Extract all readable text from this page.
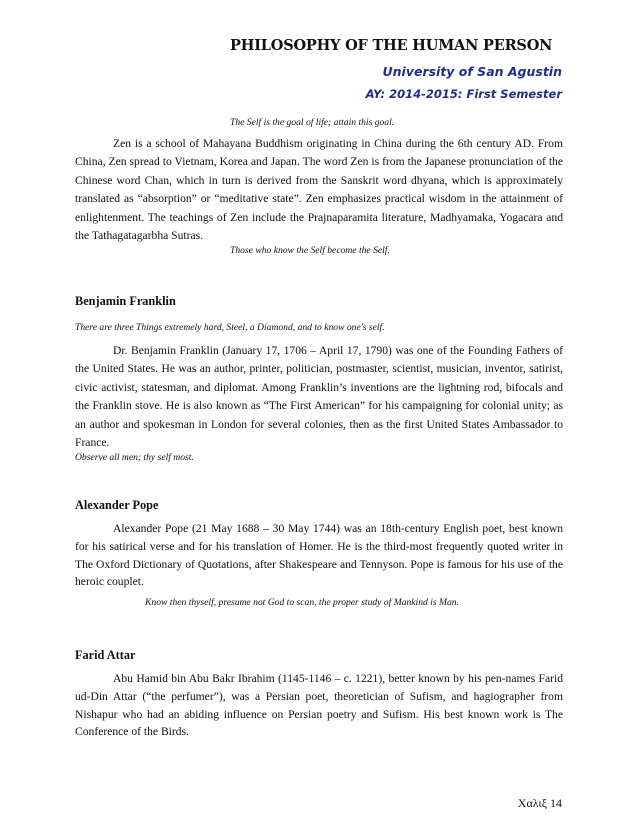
PHILOSOPHY OF THE HUMAN PERSON
University of San Agustin
AY: 2014-2015: First Semester
The Self is the goal of life; attain this goal.
Zen is a school of Mahayana Buddhism originating in China during the 6th century AD. From China, Zen spread to Vietnam, Korea and Japan. The word Zen is from the Japanese pronunciation of the Chinese word Chan, which in turn is derived from the Sanskrit word dhyana, which is approximately translated as “absorption” or “meditative state”. Zen emphasizes practical wisdom in the attainment of enlightenment. The teachings of Zen include the Prajnaparamita literature, Madhyamaka, Yogacara and the Tathagatagarbha Sutras.
Those who know the Self become the Self.
Benjamin Franklin
There are three Things extremely hard, Steel, a Diamond, and to know one's self.
Dr. Benjamin Franklin (January 17, 1706 – April 17, 1790) was one of the Founding Fathers of the United States. He was an author, printer, politician, postmaster, scientist, musician, inventor, satirist, civic activist, statesman, and diplomat. Among Franklin’s inventions are the lightning rod, bifocals and the Franklin stove. He is also known as “The First American” for his campaigning for colonial unity; as an author and spokesman in London for several colonies, then as the first United States Ambassador to France.
Observe all men; thy self most.
Alexander Pope
Alexander Pope (21 May 1688 – 30 May 1744) was an 18th-century English poet, best known for his satirical verse and for his translation of Homer. He is the third-most frequently quoted writer in The Oxford Dictionary of Quotations, after Shakespeare and Tennyson. Pope is famous for his use of the heroic couplet.
Know then thyself, presume not God to scan, the proper study of Mankind is Man.
Farid Attar
Abu Hamid bin Abu Bakr Ibrahim (1145-1146 – c. 1221), better known by his pen-names Farid ud-Din Attar (“the perfumer”), was a Persian poet, theoretician of Sufism, and hagiographer from Nishapur who had an abiding influence on Persian poetry and Sufism. His best known work is The Conference of the Birds.
Χαλιξ 14
